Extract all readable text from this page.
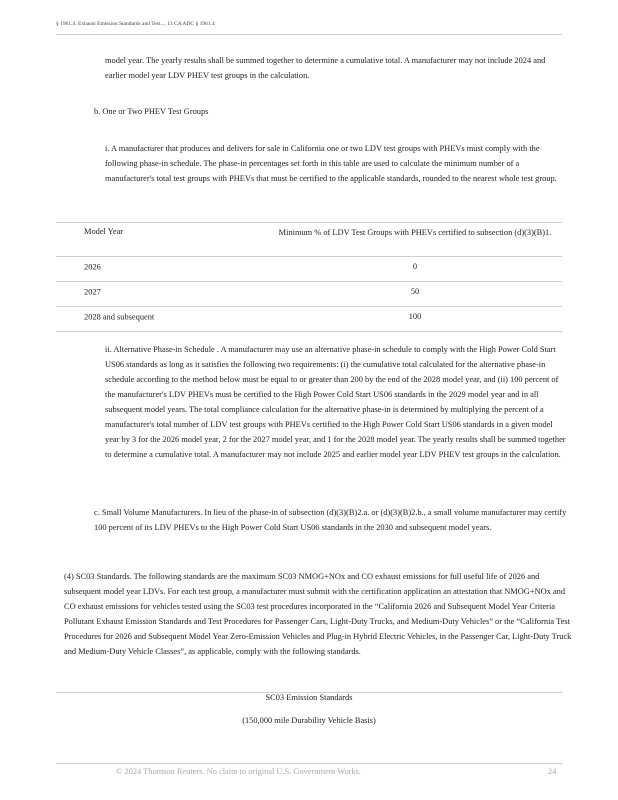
§ 1961.4. Exhaust Emission Standards and Test..., 13 CA ADC § 1961.4

model year. The yearly results shall be summed together to determine a cumulative total. A manufacturer may not include 2024 and earlier model year LDV PHEV test groups in the calculation.

b. One or Two PHEV Test Groups

i. A manufacturer that produces and delivers for sale in California one or two LDV test groups with PHEVs must comply with the following phase-in schedule. The phase-in percentages set forth in this table are used to calculate the minimum number of a manufacturer's total test groups with PHEVs that must be certified to the applicable standards, rounded to the nearest whole test group.

Model Year	Minimum % of LDV Test Groups with PHEVs certified to subsection (d)(3)(B)1.
2026	0
2027	50
2028 and subsequent	100

ii. Alternative Phase-in Schedule . A manufacturer may use an alternative phase-in schedule to comply with the High Power Cold Start US06 standards as long as it satisfies the following two requirements: (i) the cumulative total calculated for the alternative phase-in schedule according to the method below must be equal to or greater than 200 by the end of the 2028 model year, and (ii) 100 percent of the manufacturer's LDV PHEVs must be certified to the High Power Cold Start US06 standards in the 2029 model year and in all subsequent model years. The total compliance calculation for the alternative phase-in is determined by multiplying the percent of a manufacturer's total number of LDV test groups with PHEVs certified to the High Power Cold Start US06 standards in a given model year by 3 for the 2026 model year, 2 for the 2027 model year, and 1 for the 2028 model year. The yearly results shall be summed together to determine a cumulative total. A manufacturer may not include 2025 and earlier model year LDV PHEV test groups in the calculation.

c. Small Volume Manufacturers. In lieu of the phase-in of subsection (d)(3)(B)2.a. or (d)(3)(B)2.b., a small volume manufacturer may certify 100 percent of its LDV PHEVs to the High Power Cold Start US06 standards in the 2030 and subsequent model years.

(4) SC03 Standards. The following standards are the maximum SC03 NMOG+NOx and CO exhaust emissions for full useful life of 2026 and subsequent model year LDVs. For each test group, a manufacturer must submit with the certification application an attestation that NMOG+NOx and CO exhaust emissions for vehicles tested using the SC03 test procedures incorporated in the “California 2026 and Subsequent Model Year Criteria Pollutant Exhaust Emission Standards and Test Procedures for Passenger Cars, Light-Duty Trucks, and Medium-Duty Vehicles” or the “California Test Procedures for 2026 and Subsequent Model Year Zero-Emission Vehicles and Plug-in Hybrid Electric Vehicles, in the Passenger Car, Light-Duty Truck and Medium-Duty Vehicle Classes”, as applicable, comply with the following standards.

SC03 Emission Standards
(150,000 mile Durability Vehicle Basis)
© 2024 Thomson Reuters. No claim to original U.S. Government Works.	24
